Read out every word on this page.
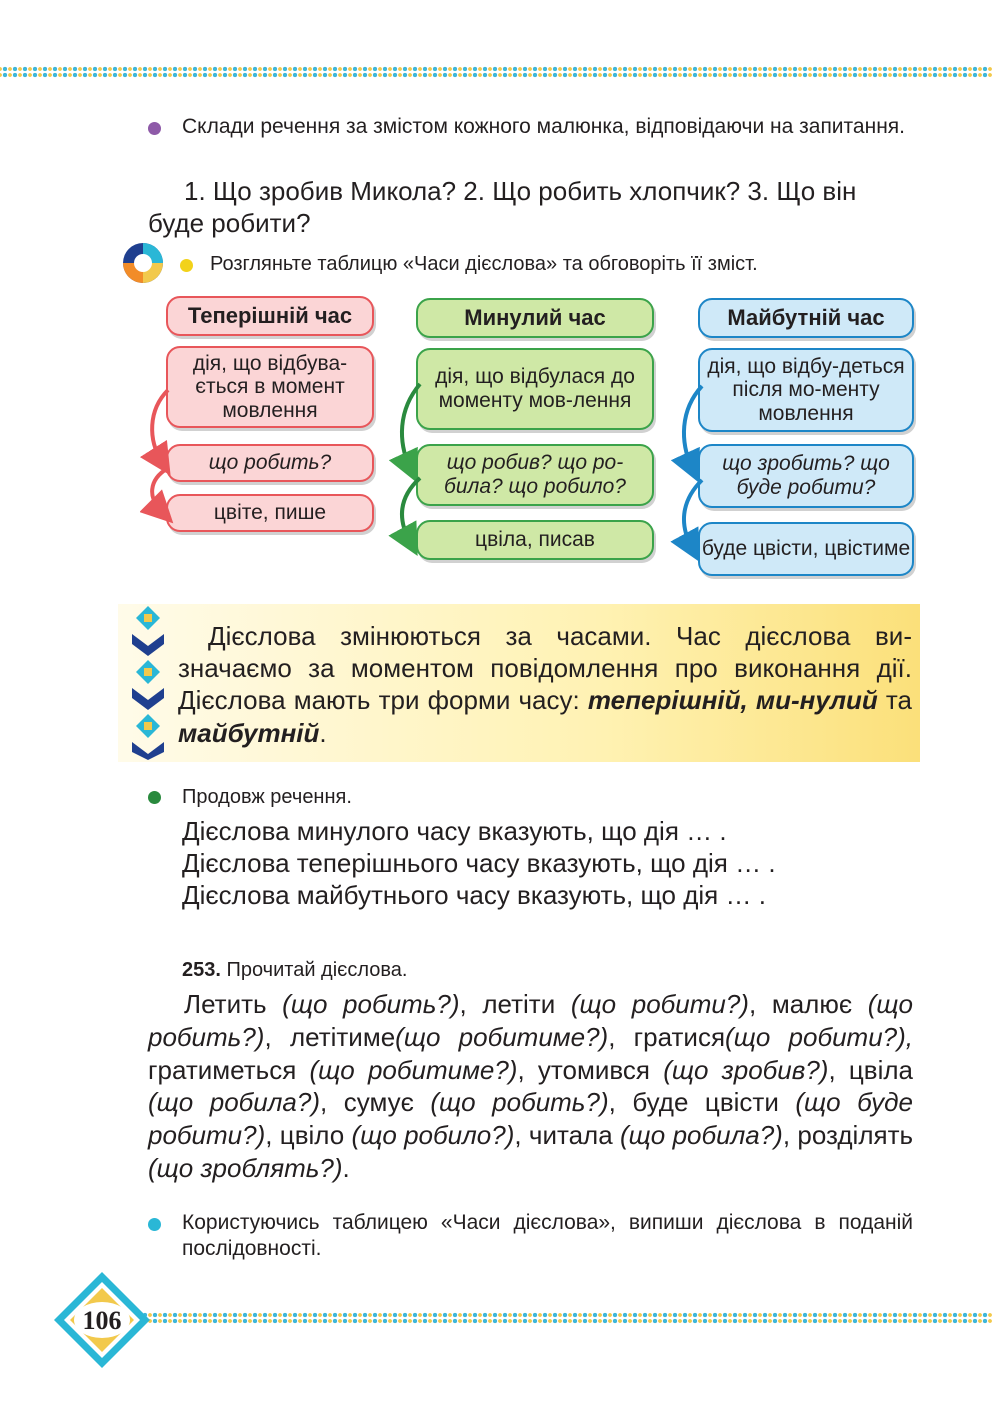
Склади речення за змістом кожного малюнка, відповідаючи на запитання.
1. Що зробив Микола? 2. Що робить хлопчик? 3. Що він буде робити?
Розгляньте таблицю «Часи дієслова» та обговоріть її зміст.
Теперішній час
дія, що відбува-ється в момент мовлення
що робить?
цвіте, пише
Минулий час
дія, що відбулася до моменту мов-лення
що робив? що ро-била? що робило?
цвіла, писав
Майбутній час
дія, що відбу-деться після мо-менту мовлення
що зробить? що буде робити?
буде цвісти, цвістиме
Дієслова змінюються за часами. Час дієслова ви-значаємо за моментом повідомлення про виконання дії. Дієслова мають три форми часу: теперішній, ми-нулий та майбутній.
Продовж речення.
Дієслова минулого часу вказують, що дія … .
Дієслова теперішнього часу вказують, що дія … .
Дієслова майбутнього часу вказують, що дія … .
253. Прочитай дієслова.
Летить (що робить?), летіти (що робити?), малює (що робить?), летітиме(що робитиме?), гратися(що робити?), гратиметься (що робитиме?), утомився (що зробив?), цвіла (що робила?), сумує (що робить?), буде цвісти (що буде робити?), цвіло (що робило?), читала (що робила?), розділять (що зроблять?).
Користуючись таблицею «Часи дієслова», випиши дієслова в поданій послідовності.
106
